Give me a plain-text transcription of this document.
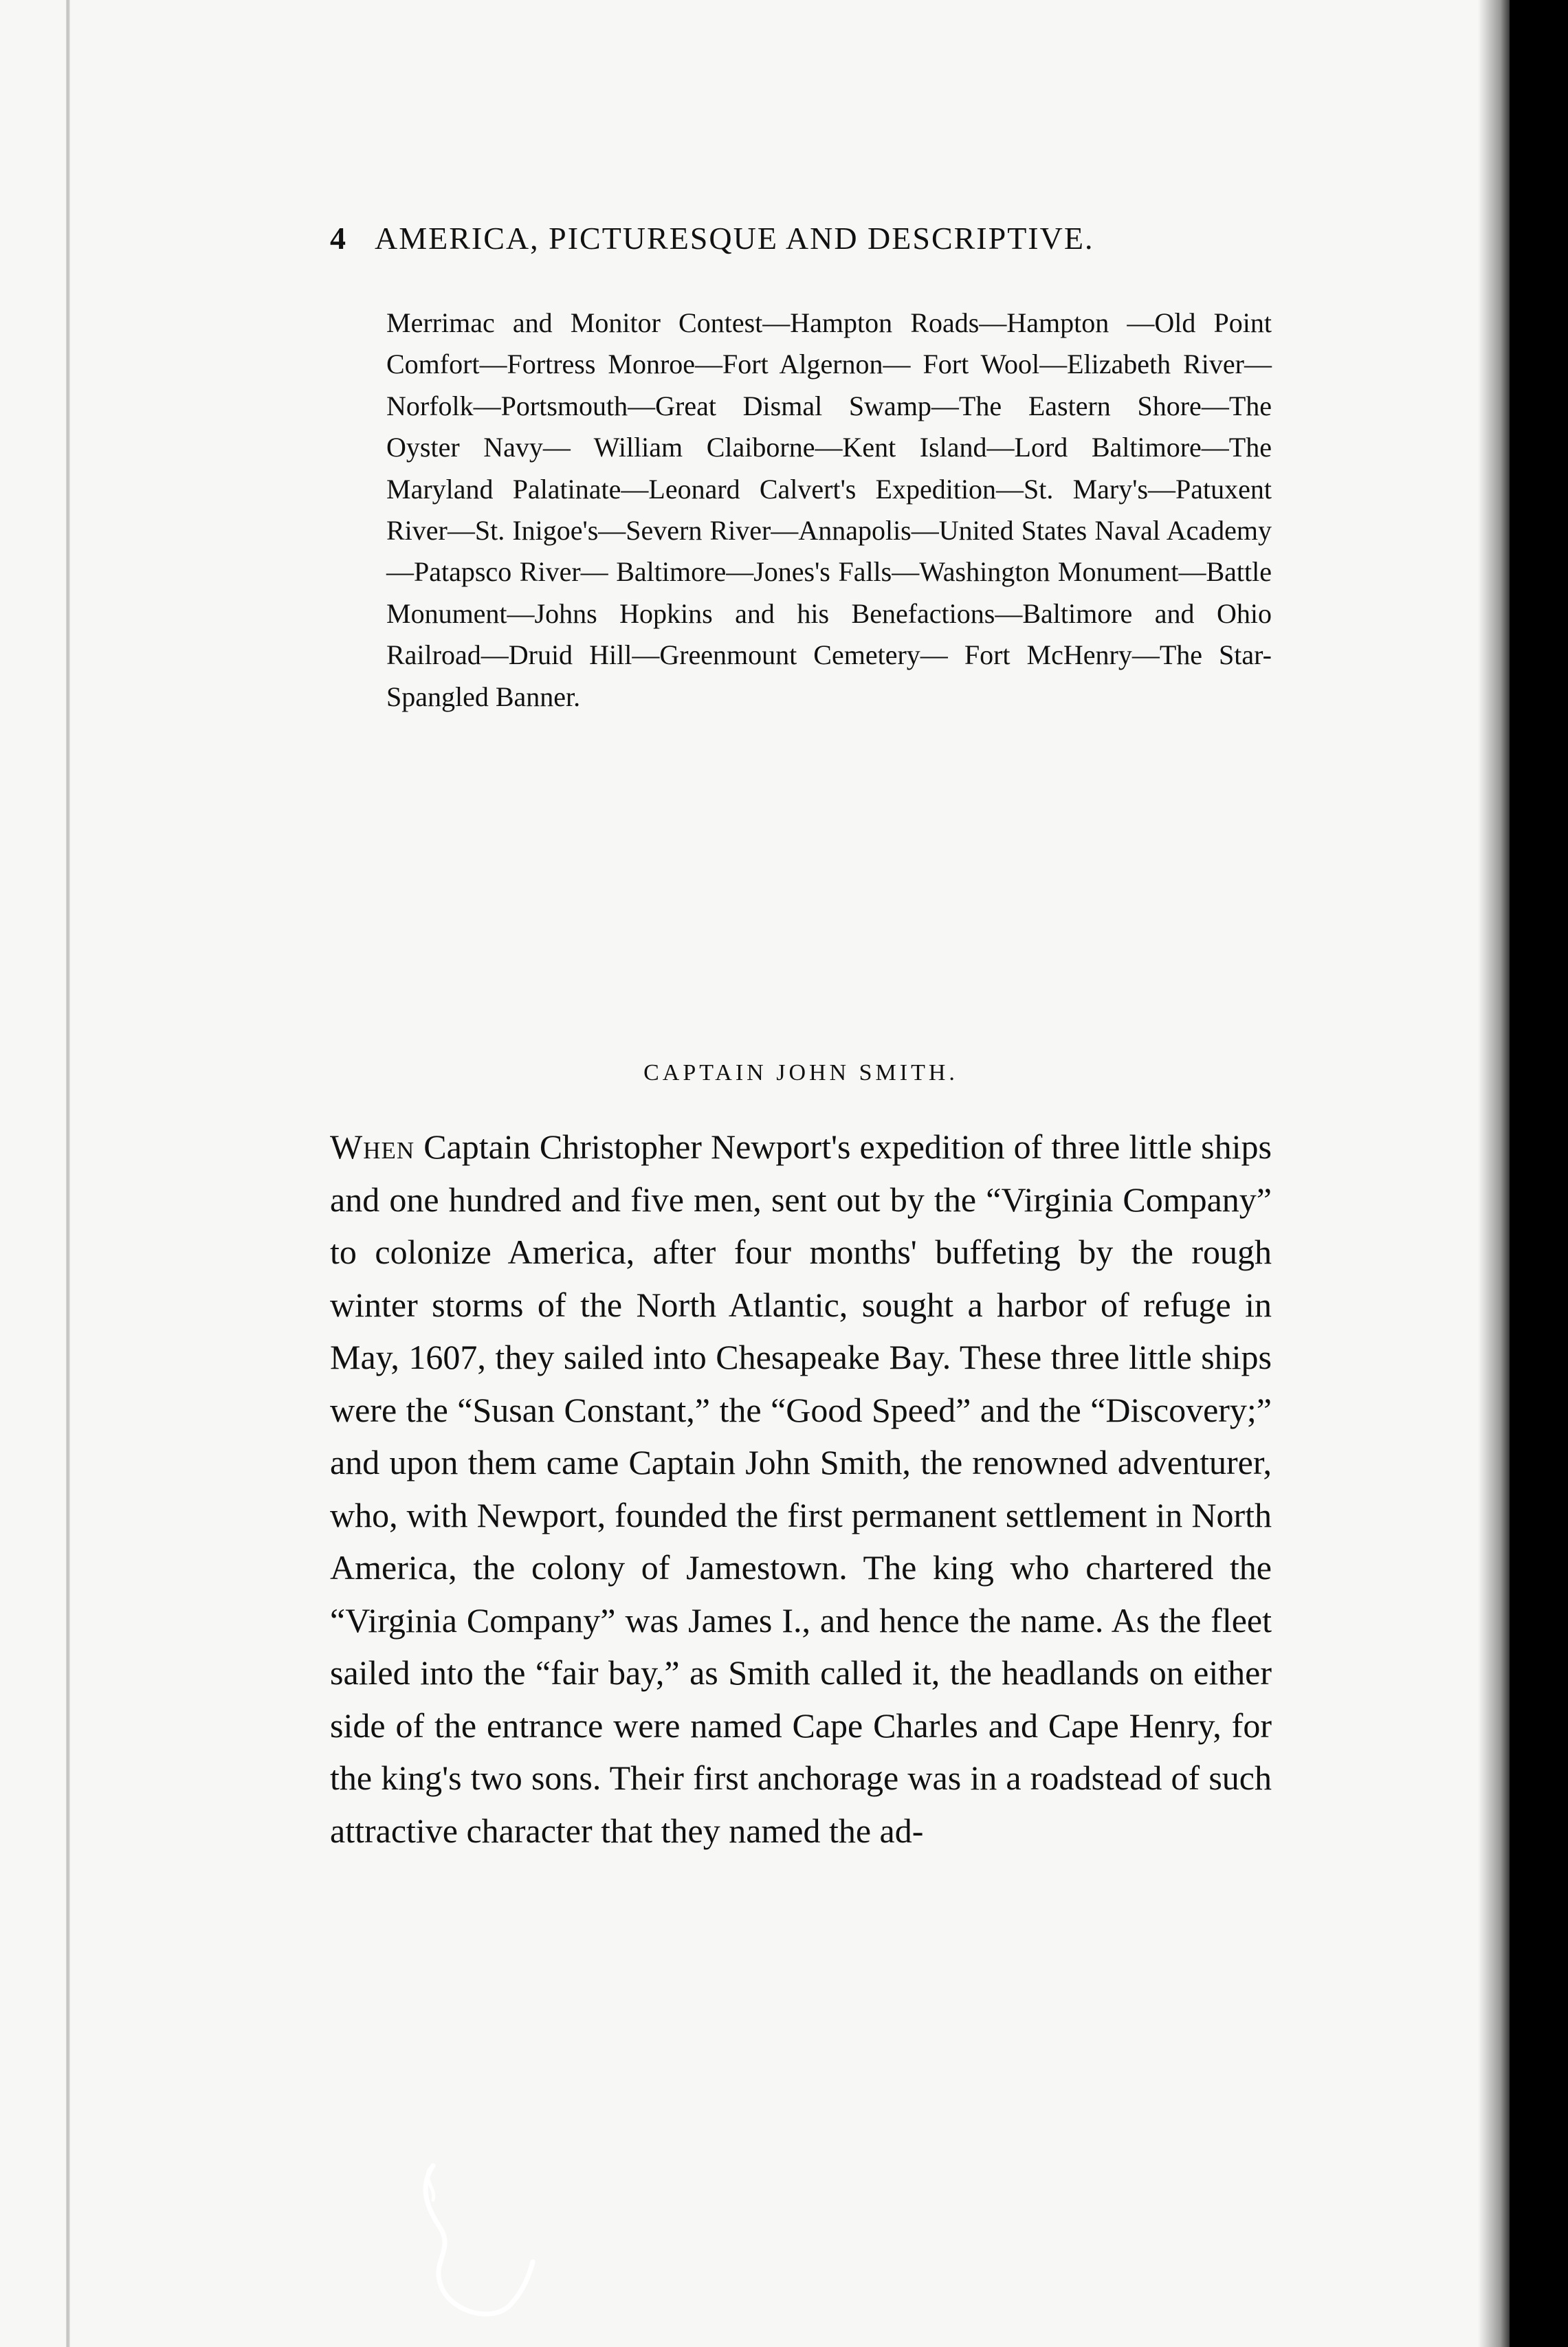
4 AMERICA, PICTURESQUE AND DESCRIPTIVE.

Merrimac and Monitor Contest—Hampton Roads—Hampton —Old Point Comfort—Fortress Monroe—Fort Algernon— Fort Wool—Elizabeth River—Norfolk—Portsmouth—Great Dismal Swamp—The Eastern Shore—The Oyster Navy— William Claiborne—Kent Island—Lord Baltimore—The Maryland Palatinate—Leonard Calvert's Expedition—St. Mary's—Patuxent River—St. Inigoe's—Severn River—Annapolis—United States Naval Academy—Patapsco River— Baltimore—Jones's Falls—Washington Monument—Battle Monument—Johns Hopkins and his Benefactions—Baltimore and Ohio Railroad—Druid Hill—Greenmount Cemetery— Fort McHenry—The Star-Spangled Banner.

CAPTAIN JOHN SMITH.

When Captain Christopher Newport's expedition of three little ships and one hundred and five men, sent out by the “Virginia Company” to colonize America, after four months' buffeting by the rough winter storms of the North Atlantic, sought a harbor of refuge in May, 1607, they sailed into Chesapeake Bay. These three little ships were the “Susan Constant,” the “Good Speed” and the “Discovery;” and upon them came Captain John Smith, the renowned adventurer, who, with Newport, founded the first permanent settlement in North America, the colony of Jamestown. The king who chartered the “Virginia Company” was James I., and hence the name. As the fleet sailed into the “fair bay,” as Smith called it, the headlands on either side of the entrance were named Cape Charles and Cape Henry, for the king's two sons. Their first anchorage was in a roadstead of such attractive character that they named the ad-
